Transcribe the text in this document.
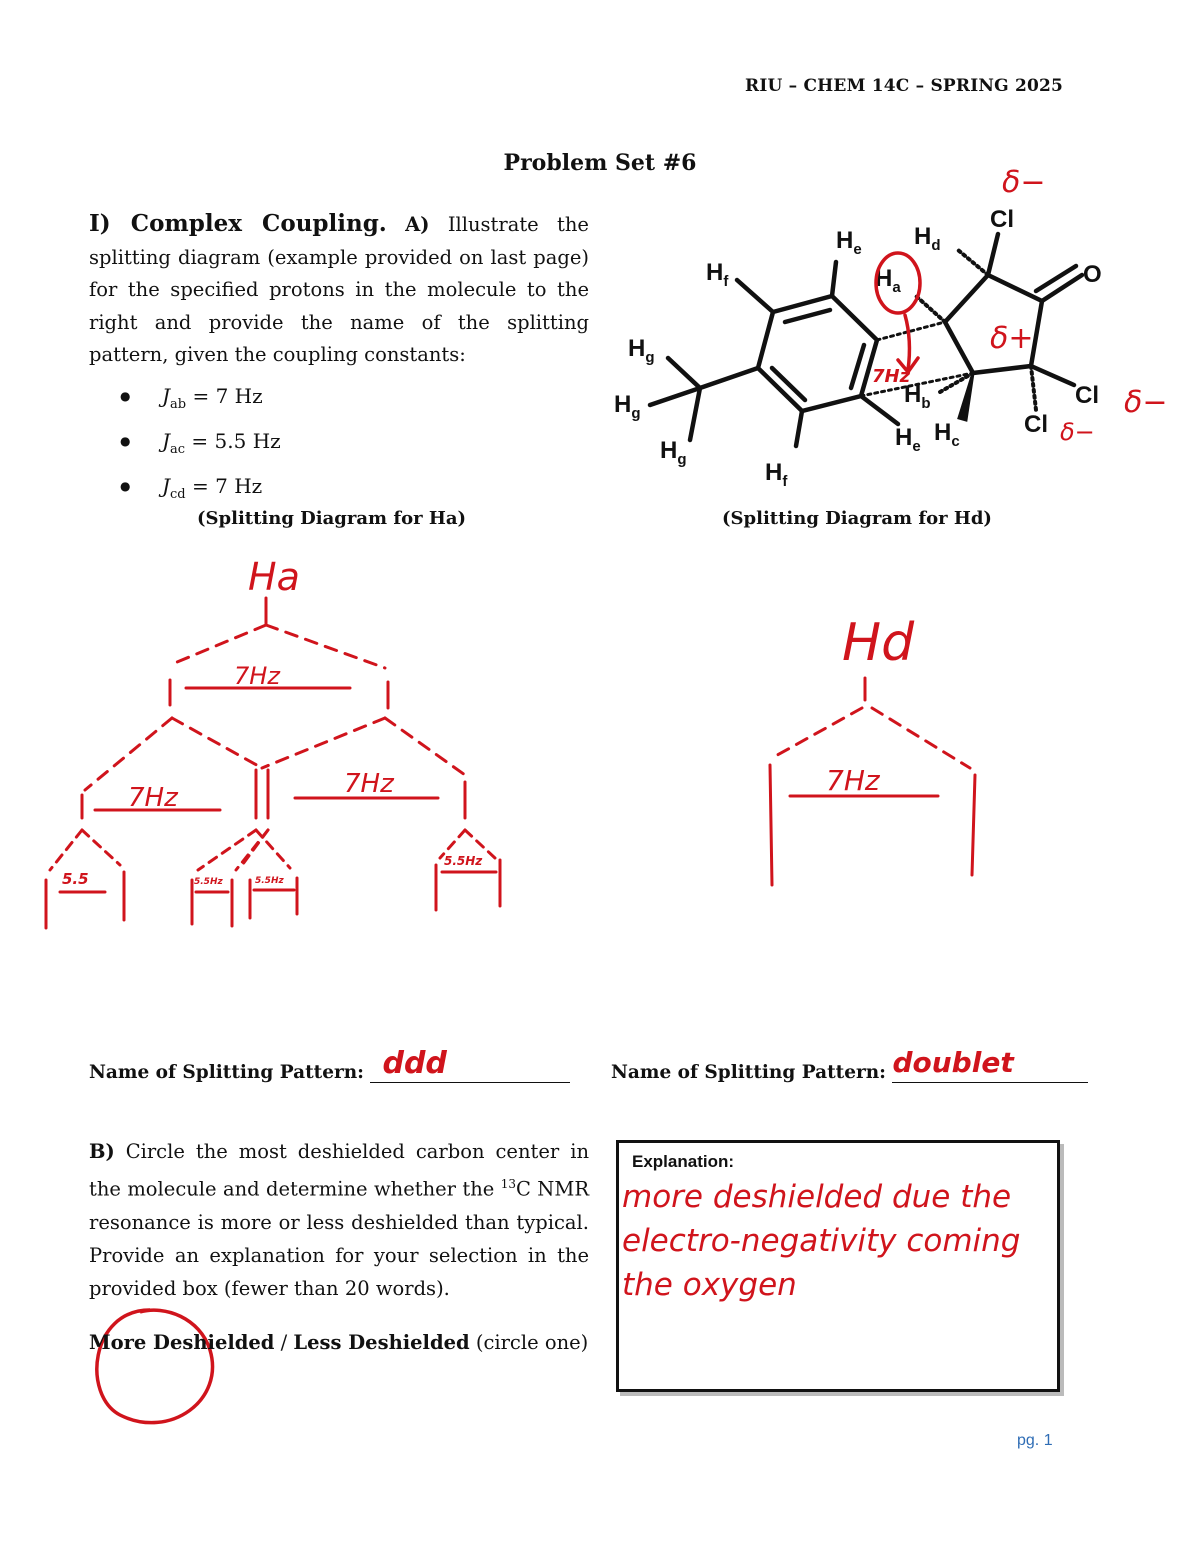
RIU – CHEM 14C – SPRING 2025
Problem Set #6
I) Complex Coupling. A) Illustrate the splitting diagram (example provided on last page) for the specified protons in the molecule to the right and provide the name of the splitting pattern, given the coupling constants:
● $J_{ab} = 7$ Hz
● $J_{ac} = 5.5$ Hz
● $J_{cd} = 7$ Hz
Cl
O
Cl
Cl
$H_e$ $H_d$
$H_a$
$H_f$
$H_g$
$H_g$
$H_g$	$H_f$
$H_e$
$H_b$
$H_c$
δ−
δ+
δ−
δ−
7Hz
Ha
7Hz
7Hz	7Hz
5.5	5.5Hz	5.5Hz
5.5Hz
Hd
7Hz
(Splitting Diagram for Ha)	(Splitting Diagram for Hd)
Name of Splitting Pattern: ddd	Name of Splitting Pattern: doublet
B) Circle the most deshielded carbon center in the molecule and determine whether the $^{13}$C NMR resonance is more or less deshielded than typical. Provide an explanation for your selection in the provided box (fewer than 20 words).
More Deshielded / Less Deshielded (circle one)
Explanation:
more deshielded due the
electro-negativity coming
the oxygen
pg. 1
